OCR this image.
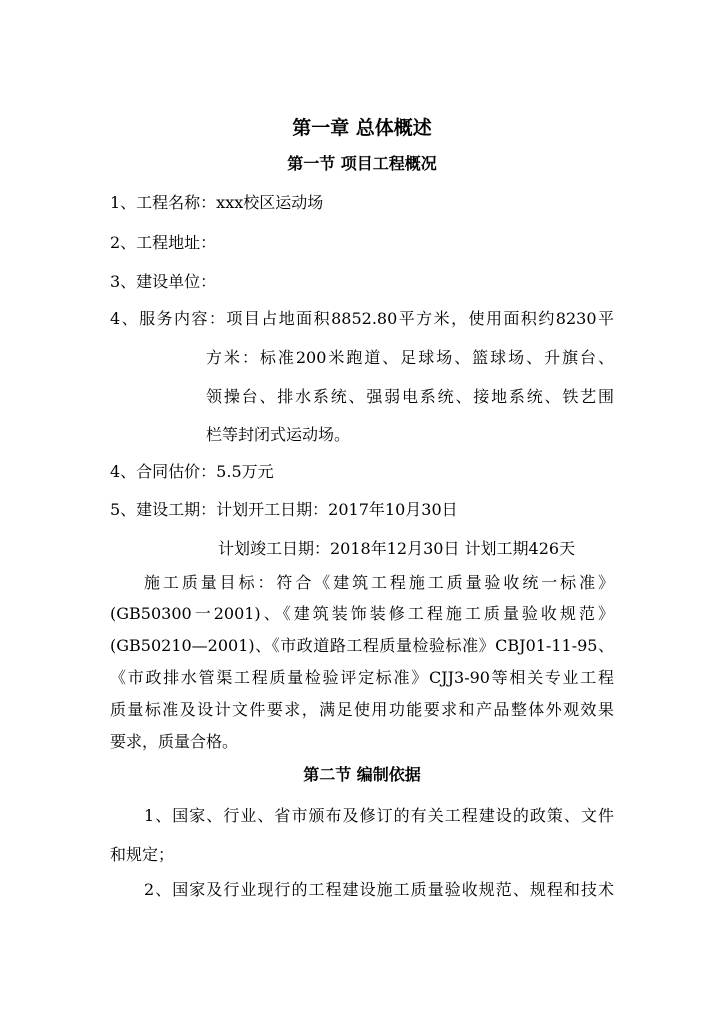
第一章 总体概述
第一节 项目工程概况
1、工程名称：xxx校区运动场
2、工程地址：
3、建设单位：
4、服务内容：项目占地面积8852.80平方米，使用面积约8230平
方米：标准200米跑道、足球场、篮球场、升旗台、
领操台、排水系统、强弱电系统、接地系统、铁艺围
栏等封闭式运动场。
4、合同估价：5.5万元
5、建设工期：计划开工日期：2017年10月30日
计划竣工日期：2018年12月30日 计划工期426天
施工质量目标：符合《建筑工程施工质量验收统一标准》
(GB50300一2001)、《建筑装饰装修工程施工质量验收规范》
(GB50210—2001)、《市政道路工程质量检验标准》CBJ01-11-95、
《市政排水管渠工程质量检验评定标准》CJJ3-90等相关专业工程
质量标准及设计文件要求，满足使用功能要求和产品整体外观效果
要求，质量合格。
第二节 编制依据
1、国家、行业、省市颁布及修订的有关工程建设的政策、文件
和规定；
2、国家及行业现行的工程建设施工质量验收规范、规程和技术
